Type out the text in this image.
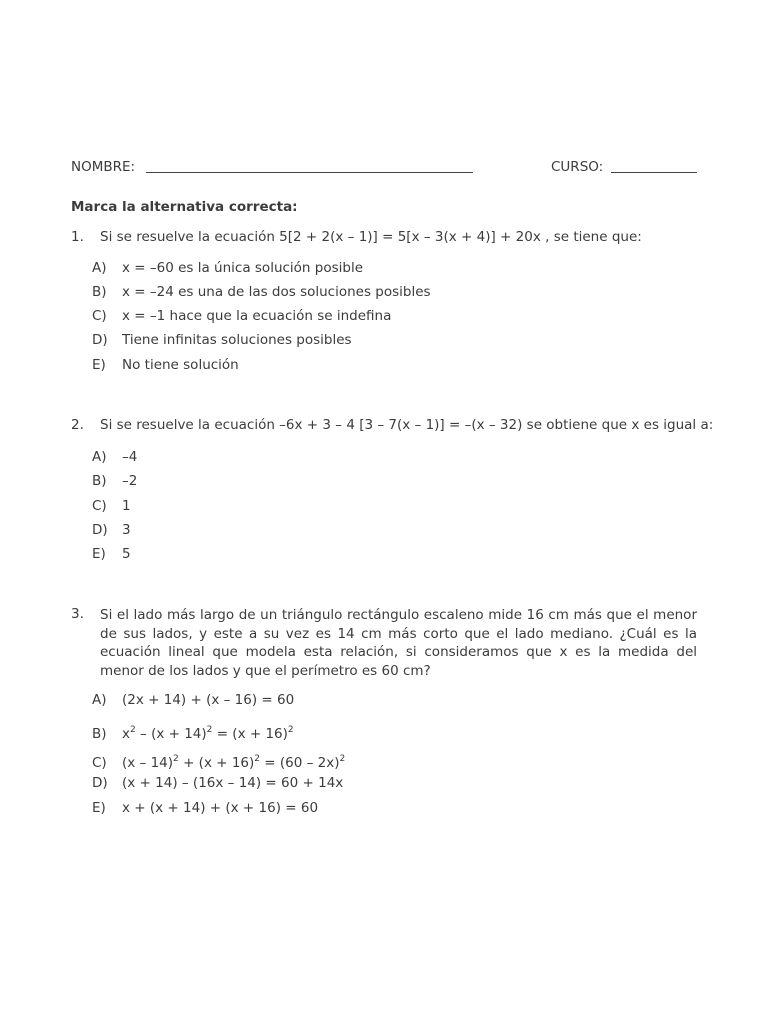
NOMBRE:	CURSO:
Marca la alternativa correcta:
1. Si se resuelve la ecuación 5[2 + 2(x – 1)] = 5[x – 3(x + 4)] + 20x , se tiene que:
A) x = –60 es la única solución posible
B) x = –24 es una de las dos soluciones posibles
C) x = –1 hace que la ecuación se indefina
D) Tiene infinitas soluciones posibles
E) No tiene solución
2. Si se resuelve la ecuación –6x + 3 – 4 [3 – 7(x – 1)] = –(x – 32) se obtiene que x es igual a:
A) –4
B) –2
C) 1
D) 3
E) 5
3. Si el lado más largo de un triángulo rectángulo escaleno mide 16 cm más que el menor de sus lados, y este a su vez es 14 cm más corto que el lado mediano. ¿Cuál es la ecuación lineal que modela esta relación, si consideramos que x es la medida del menor de los lados y que el perímetro es 60 cm?
A) (2x + 14) + (x – 16) = 60
B) $x^2 - (x + 14)^2 = (x + 16)^2$
C) $(x - 14)^2 + (x + 16)^2 = (60 - 2x)^2$
D) (x + 14) – (16x – 14) = 60 + 14x
E) x + (x + 14) + (x + 16) = 60
